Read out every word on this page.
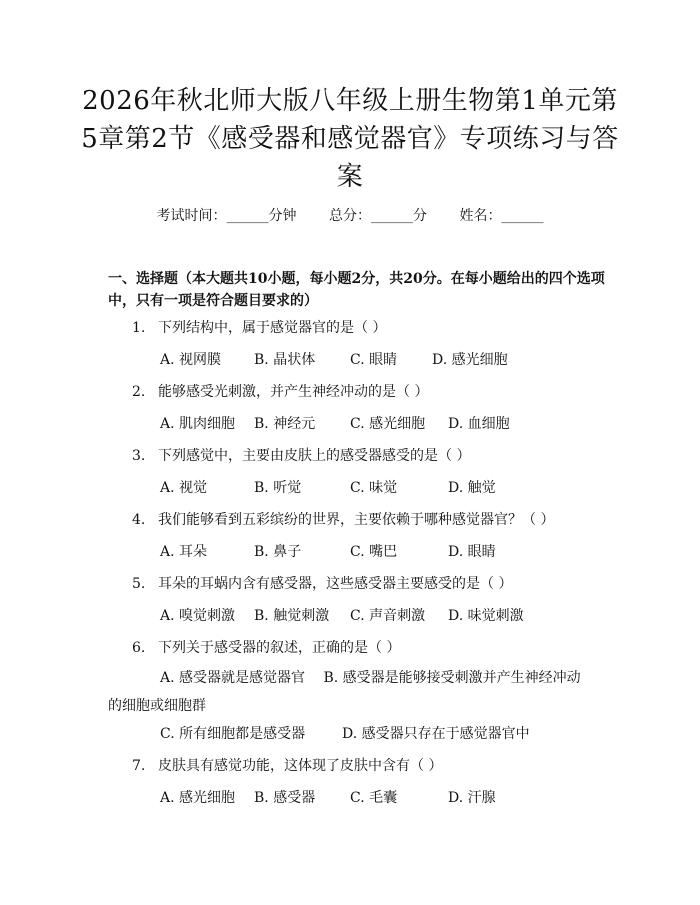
2026年秋北师大版八年级上册生物第1单元第5章第2节《感受器和感觉器官》专项练习与答案
考试时间：______分钟 总分：______分 姓名：______
一、选择题（本大题共10小题，每小题2分，共20分。在每小题给出的四个选项中，只有一项是符合题目要求的）
1. 下列结构中，属于感觉器官的是（ ）
A. 视网膜 B. 晶状体 C. 眼睛 D. 感光细胞
2. 能够感受光刺激，并产生神经冲动的是（ ）
A. 肌肉细胞 B. 神经元 C. 感光细胞 D. 血细胞
3. 下列感觉中，主要由皮肤上的感受器感受的是（ ）
A. 视觉	B. 听觉	C. 味觉	D. 触觉
4. 我们能够看到五彩缤纷的世界，主要依赖于哪种感觉器官？（ ）
A. 耳朵	B. 鼻子	C. 嘴巴	D. 眼睛
5. 耳朵的耳蜗内含有感受器，这些感受器主要感受的是（ ）
A. 嗅觉刺激 B. 触觉刺激 C. 声音刺激 D. 味觉刺激
6. 下列关于感受器的叙述，正确的是（ ）
A. 感受器就是感觉器官　 B. 感受器是能够接受刺激并产生神经冲动的细胞或细胞群
C. 所有细胞都是感受器	D. 感受器只存在于感觉器官中
7. 皮肤具有感觉功能，这体现了皮肤中含有（ ）
A. 感光细胞 B. 感受器 C. 毛囊	D. 汗腺
